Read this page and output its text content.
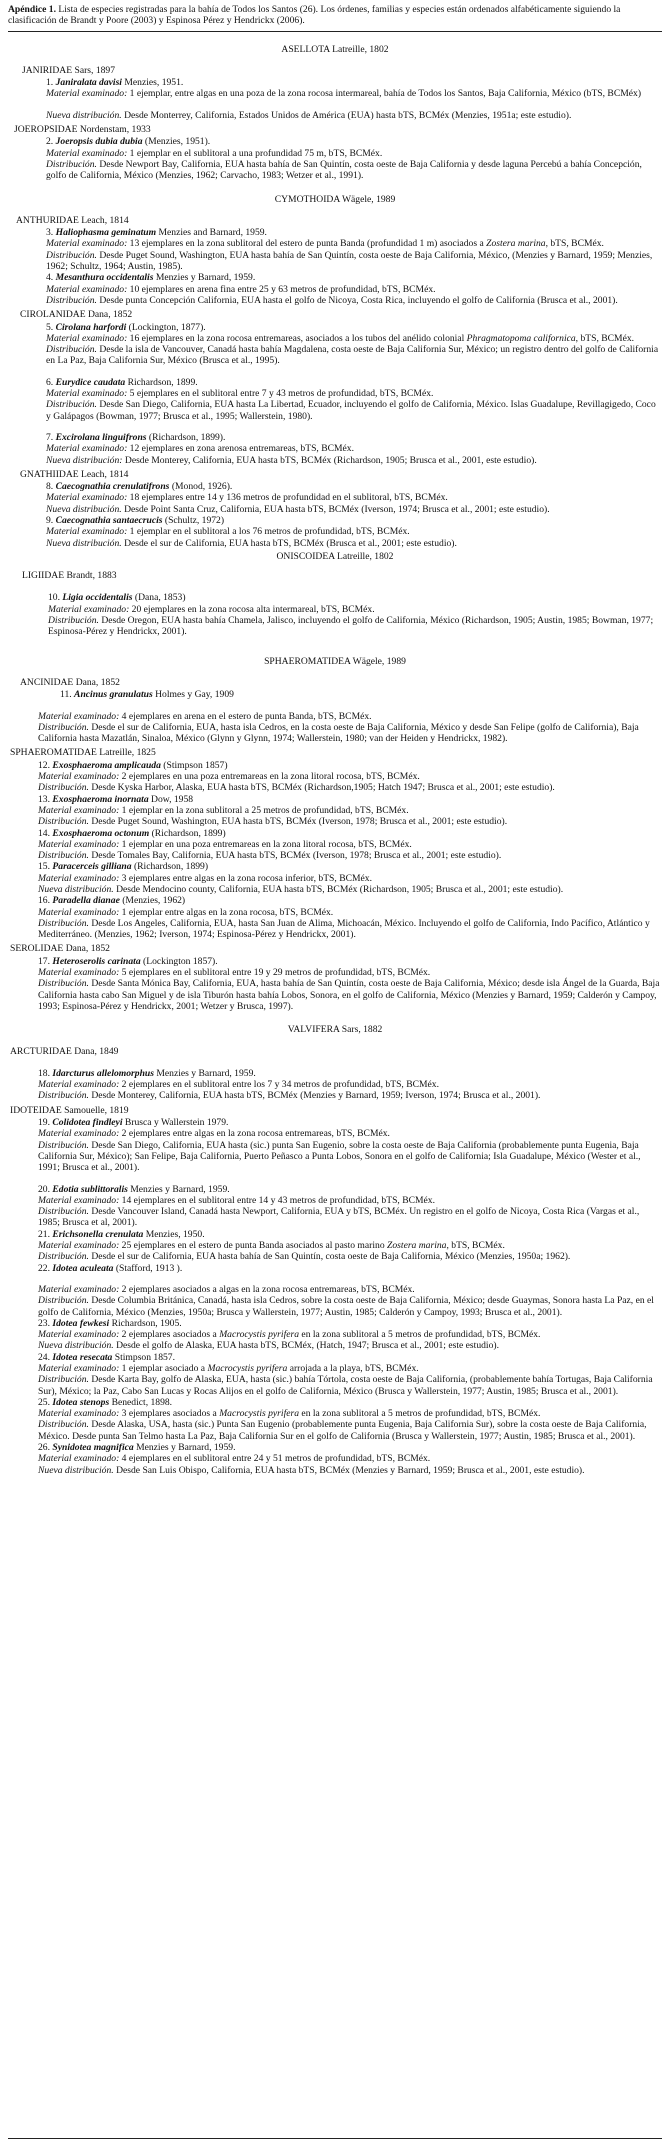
Apéndice 1. Lista de especies registradas para la bahía de Todos los Santos (26). Los órdenes, familias y especies están ordenados alfabéticamente siguiendo la clasificación de Brandt y Poore (2003) y Espinosa Pérez y Hendrickx (2006).

ASELLOTA Latreille, 1802
JANIRIDAE Sars, 1897
1. Janiralata davisi Menzies, 1951.
Material examinado: 1 ejemplar, entre algas en una poza de la zona rocosa intermareal, bahía de Todos los Santos, Baja California, México (bTS, BCMéx)
Nueva distribución. Desde Monterrey, California, Estados Unidos de América (EUA) hasta bTS, BCMéx (Menzies, 1951a; este estudio).
JOEROPSIDAE Nordenstam, 1933
2. Joeropsis dubia dubia (Menzies, 1951).
Material examinado: 1 ejemplar en el sublitoral a una profundidad 75 m, bTS, BCMéx.
Distribución. Desde Newport Bay, California, EUA hasta bahía de San Quintín, costa oeste de Baja California y desde laguna Percebú a bahía Concepción, golfo de California, México (Menzies, 1962; Carvacho, 1983; Wetzer et al., 1991).
CYMOTHOIDA Wägele, 1989
ANTHURIDAE Leach, 1814
3. Haliophasma geminatum Menzies and Barnard, 1959.
Material examinado: 13 ejemplares en la zona sublitoral del estero de punta Banda (profundidad 1 m) asociados a Zostera marina, bTS, BCMéx.
Distribución. Desde Puget Sound, Washington, EUA hasta bahía de San Quintín, costa oeste de Baja California, México, (Menzies y Barnard, 1959; Menzies, 1962; Schultz, 1964; Austin, 1985).
4. Mesanthura occidentalis Menzies y Barnard, 1959.
Material examinado: 10 ejemplares en arena fina entre 25 y 63 metros de profundidad, bTS, BCMéx.
Distribución. Desde punta Concepción California, EUA hasta el golfo de Nicoya, Costa Rica, incluyendo el golfo de California (Brusca et al., 2001).
CIROLANIDAE Dana, 1852
5. Cirolana harfordi (Lockington, 1877).
Material examinado: 16 ejemplares en la zona rocosa entremareas, asociados a los tubos del anélido colonial Phragmatopoma californica, bTS, BCMéx.
Distribución. Desde la isla de Vancouver, Canadá hasta bahía Magdalena, costa oeste de Baja California Sur, México; un registro dentro del golfo de California en La Paz, Baja California Sur, México (Brusca et al., 1995).
6. Eurydice caudata Richardson, 1899.
Material examinado: 5 ejemplares en el sublitoral entre 7 y 43 metros de profundidad, bTS, BCMéx.
Distribución. Desde San Diego, California, EUA hasta La Libertad, Ecuador, incluyendo el golfo de California, México. Islas Guadalupe, Revillagigedo, Coco y Galápagos (Bowman, 1977; Brusca et al., 1995; Wallerstein, 1980).
7. Excirolana linguifrons (Richardson, 1899).
Material examinado: 12 ejemplares en zona arenosa entremareas, bTS, BCMéx.
Nueva distribución: Desde Monterey, California, EUA hasta bTS, BCMéx (Richardson, 1905; Brusca et al., 2001, este estudio).
GNATHIIDAE Leach, 1814
8. Caecognathia crenulatifrons (Monod, 1926).
Material examinado: 18 ejemplares entre 14 y 136 metros de profundidad en el sublitoral, bTS, BCMéx.
Nueva distribución. Desde Point Santa Cruz, California, EUA hasta bTS, BCMéx (Iverson, 1974; Brusca et al., 2001; este estudio).
9. Caecognathia santaecrucis (Schultz, 1972)
Material examinado: 1 ejemplar en el sublitoral a los 76 metros de profundidad, bTS, BCMéx.
Nueva distribución. Desde el sur de California, EUA hasta bTS, BCMéx (Brusca et al., 2001; este estudio).
ONISCOIDEA Latreille, 1802
LIGIIDAE Brandt, 1883
10. Ligia occidentalis (Dana, 1853)
Material examinado: 20 ejemplares en la zona rocosa alta intermareal, bTS, BCMéx.
Distribución. Desde Oregon, EUA hasta bahía Chamela, Jalisco, incluyendo el golfo de California, México (Richardson, 1905; Austin, 1985; Bowman, 1977; Espinosa-Pérez y Hendrickx, 2001).
SPHAEROMATIDEA Wägele, 1989
ANCINIDAE Dana, 1852
11. Ancinus granulatus Holmes y Gay, 1909
Material examinado: 4 ejemplares en arena en el estero de punta Banda, bTS, BCMéx.
Distribución. Desde el sur de California, EUA, hasta isla Cedros, en la costa oeste de Baja California, México y desde San Felipe (golfo de California), Baja California hasta Mazatlán, Sinaloa, México (Glynn y Glynn, 1974; Wallerstein, 1980; van der Heiden y Hendrickx, 1982).
SPHAEROMATIDAE Latreille, 1825
12. Exosphaeroma amplicauda (Stimpson 1857)
Material examinado: 2 ejemplares en una poza entremareas en la zona litoral rocosa, bTS, BCMéx.
Distribución. Desde Kyska Harbor, Alaska, EUA hasta bTS, BCMéx (Richardson,1905; Hatch 1947; Brusca et al., 2001; este estudio).
13. Exosphaeroma inornata Dow, 1958
Material examinado: 1 ejemplar en la zona sublitoral a 25 metros de profundidad, bTS, BCMéx.
Distribución. Desde Puget Sound, Washington, EUA hasta bTS, BCMéx (Iverson, 1978; Brusca et al., 2001; este estudio).
14. Exosphaeroma octonum (Richardson, 1899)
Material examinado: 1 ejemplar en una poza entremareas en la zona litoral rocosa, bTS, BCMéx.
Distribución. Desde Tomales Bay, California, EUA hasta bTS, BCMéx (Iverson, 1978; Brusca et al., 2001; este estudio).
15. Paracerceis gilliana (Richardson, 1899)
Material examinado: 3 ejemplares entre algas en la zona rocosa inferior, bTS, BCMéx.
Nueva distribución. Desde Mendocino county, California, EUA hasta bTS, BCMéx (Richardson, 1905; Brusca et al., 2001; este estudio).
16. Paradella dianae (Menzies, 1962)
Material examinado: 1 ejemplar entre algas en la zona rocosa, bTS, BCMéx.
Distribución. Desde Los Angeles, California, EUA, hasta San Juan de Alima, Michoacán, México. Incluyendo el golfo de California, Indo Pacífico, Atlántico y Mediterráneo. (Menzies, 1962; Iverson, 1974; Espinosa-Pérez y Hendrickx, 2001).
SEROLIDAE Dana, 1852
17. Heteroserolis carinata (Lockington 1857).
Material examinado: 5 ejemplares en el sublitoral entre 19 y 29 metros de profundidad, bTS, BCMéx.
Distribución. Desde Santa Mónica Bay, California, EUA, hasta bahía de San Quintín, costa oeste de Baja California, México; desde isla Ángel de la Guarda, Baja California hasta cabo San Miguel y de isla Tiburón hasta bahía Lobos, Sonora, en el golfo de California, México (Menzies y Barnard, 1959; Calderón y Campoy, 1993; Espinosa-Pérez y Hendrickx, 2001; Wetzer y Brusca, 1997).
VALVIFERA Sars, 1882
ARCTURIDAE Dana, 1849
18. Idarcturus allelomorphus Menzies y Barnard, 1959.
Material examinado: 2 ejemplares en el sublitoral entre los 7 y 34 metros de profundidad, bTS, BCMéx.
Distribución. Desde Monterey, California, EUA hasta bTS, BCMéx (Menzies y Barnard, 1959; Iverson, 1974; Brusca et al., 2001).
IDOTEIDAE Samouelle, 1819
19. Colidotea findleyi Brusca y Wallerstein 1979.
Material examinado: 2 ejemplares entre algas en la zona rocosa entremareas, bTS, BCMéx.
Distribución. Desde San Diego, California, EUA hasta (sic.) punta San Eugenio, sobre la costa oeste de Baja California (probablemente punta Eugenia, Baja California Sur, México); San Felipe, Baja California, Puerto Peñasco a Punta Lobos, Sonora en el golfo de California; Isla Guadalupe, México (Wester et al., 1991; Brusca et al., 2001).
20. Edotia sublittoralis Menzies y Barnard, 1959.
Material examinado: 14 ejemplares en el sublitoral entre 14 y 43 metros de profundidad, bTS, BCMéx.
Distribución. Desde Vancouver Island, Canadá hasta Newport, California, EUA y bTS, BCMéx. Un registro en el golfo de Nicoya, Costa Rica (Vargas et al., 1985; Brusca et al, 2001).
21. Erichsonella crenulata Menzies, 1950.
Material examinado: 25 ejemplares en el estero de punta Banda asociados al pasto marino Zostera marina, bTS, BCMéx.
Distribución. Desde el sur de California, EUA hasta bahía de San Quintín, costa oeste de Baja California, México (Menzies, 1950a; 1962).
22. Idotea aculeata (Stafford, 1913 ).
Material examinado: 2 ejemplares asociados a algas en la zona rocosa entremareas, bTS, BCMéx.
Distribución. Desde Columbia Británica, Canadá, hasta isla Cedros, sobre la costa oeste de Baja California, México; desde Guaymas, Sonora hasta La Paz, en el golfo de California, México (Menzies, 1950a; Brusca y Wallerstein, 1977; Austin, 1985; Calderón y Campoy, 1993; Brusca et al., 2001).
23. Idotea fewkesi Richardson, 1905.
Material examinado: 2 ejemplares asociados a Macrocystis pyrifera en la zona sublitoral a 5 metros de profundidad, bTS, BCMéx.
Nueva distribución. Desde el golfo de Alaska, EUA hasta bTS, BCMéx, (Hatch, 1947; Brusca et al., 2001; este estudio).
24. Idotea resecata Stimpson 1857.
Material examinado: 1 ejemplar asociado a Macrocystis pyrifera arrojada a la playa, bTS, BCMéx.
Distribución. Desde Karta Bay, golfo de Alaska, EUA, hasta (sic.) bahía Tórtola, costa oeste de Baja California, (probablemente bahía Tortugas, Baja California Sur), México; la Paz, Cabo San Lucas y Rocas Alijos en el golfo de California, México (Brusca y Wallerstein, 1977; Austin, 1985; Brusca et al., 2001).
25. Idotea stenops Benedict, 1898.
Material examinado: 3 ejemplares asociados a Macrocystis pyrifera en la zona sublitoral a 5 metros de profundidad, bTS, BCMéx.
Distribución. Desde Alaska, USA, hasta (sic.) Punta San Eugenio (probablemente punta Eugenia, Baja California Sur), sobre la costa oeste de Baja California, México. Desde punta San Telmo hasta La Paz, Baja California Sur en el golfo de California (Brusca y Wallerstein, 1977; Austin, 1985; Brusca et al., 2001).
26. Synidotea magnifica Menzies y Barnard, 1959.
Material examinado: 4 ejemplares en el sublitoral entre 24 y 51 metros de profundidad, bTS, BCMéx.
Nueva distribución. Desde San Luis Obispo, California, EUA hasta bTS, BCMéx (Menzies y Barnard, 1959; Brusca et al., 2001, este estudio).
